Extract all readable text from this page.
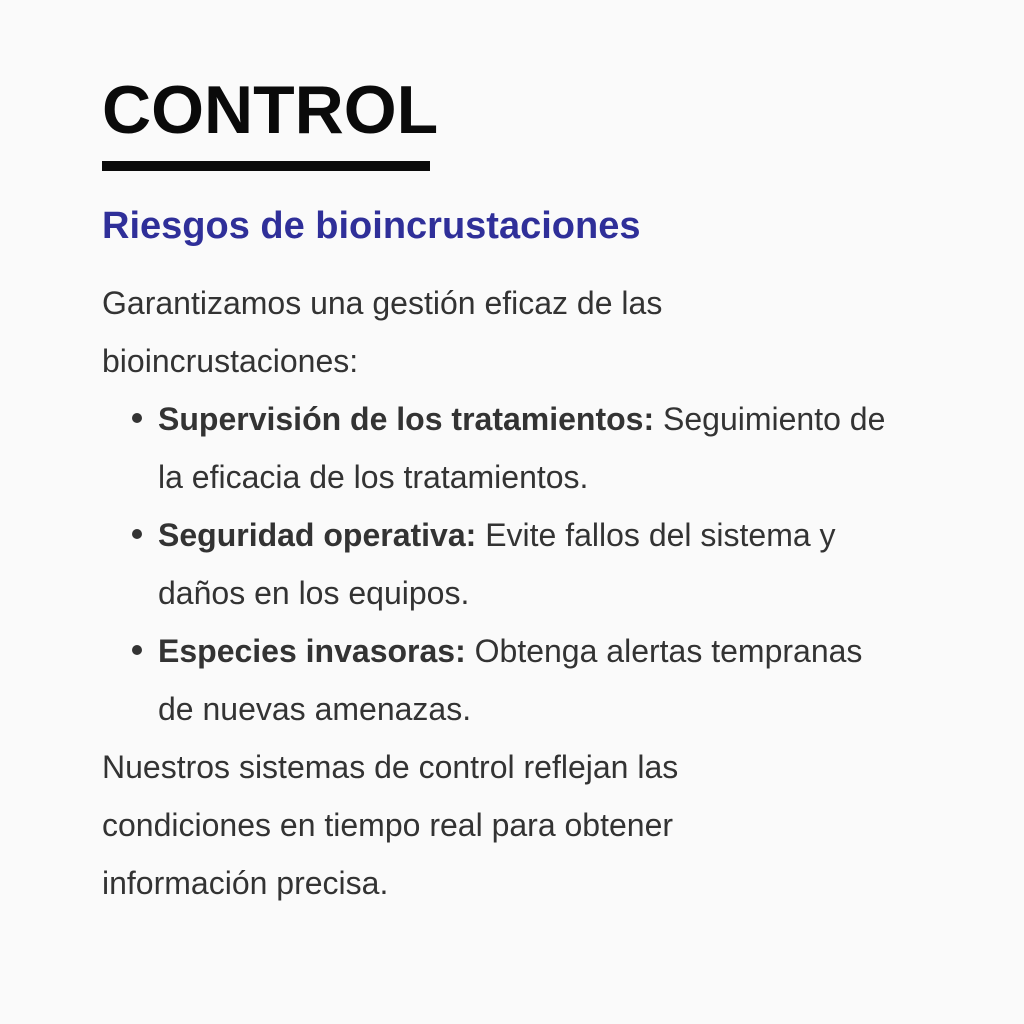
CONTROL
Riesgos de bioincrustaciones

Garantizamos una gestión eficaz de las bioincrustaciones:

Supervisión de los tratamientos: Seguimiento de la eficacia de los tratamientos.
Seguridad operativa: Evite fallos del sistema y daños en los equipos.
Especies invasoras: Obtenga alertas tempranas de nuevas amenazas.

Nuestros sistemas de control reflejan las condiciones en tiempo real para obtener información precisa.
